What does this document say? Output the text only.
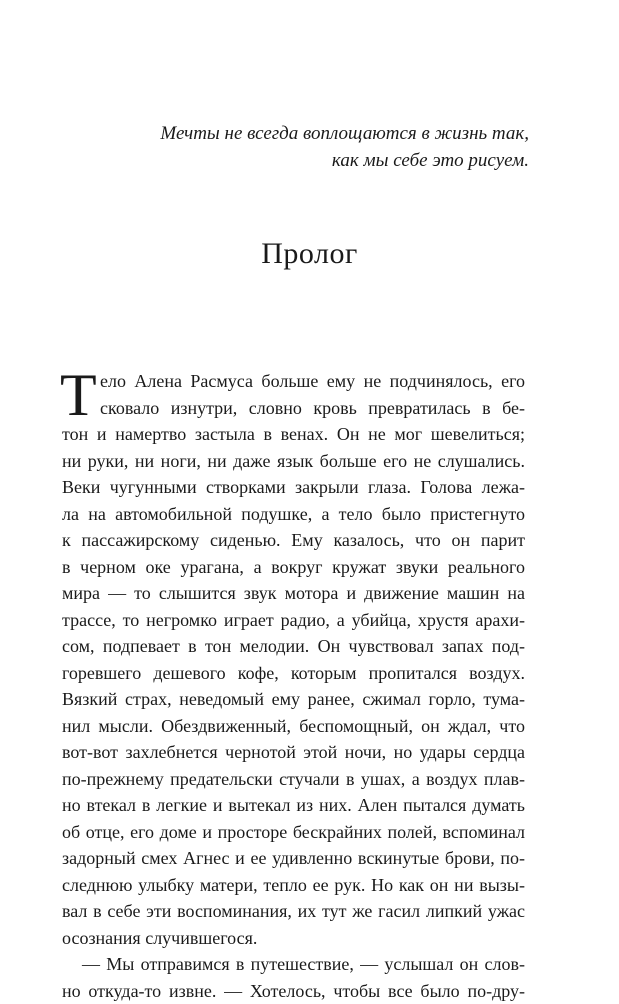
Мечты не всегда воплощаются в жизнь так,
как мы себе это рисуем.
Пролог
Т ело Алена Расмуса больше ему не подчинялось, его
сковало изнутри, словно кровь превратилась в бе-
тон и намертво застыла в венах. Он не мог шевелиться;
ни руки, ни ноги, ни даже язык больше его не слушались.
Веки чугунными створками закрыли глаза. Голова лежа-
ла на автомобильной подушке, а тело было пристегнуто
к пассажирскому сиденью. Ему казалось, что он парит
в черном оке урагана, а вокруг кружат звуки реального
мира — то слышится звук мотора и движение машин на
трассе, то негромко играет радио, а убийца, хрустя арахи-
сом, подпевает в тон мелодии. Он чувствовал запах под-
горевшего дешевого кофе, которым пропитался воздух.
Вязкий страх, неведомый ему ранее, сжимал горло, тума-
нил мысли. Обездвиженный, беспомощный, он ждал, что
вот-вот захлебнется чернотой этой ночи, но удары сердца
по-прежнему предательски стучали в ушах, а воздух плав-
но втекал в легкие и вытекал из них. Ален пытался думать
об отце, его доме и просторе бескрайних полей, вспоминал
задорный смех Агнес и ее удивленно вскинутые брови, по-
следнюю улыбку матери, тепло ее рук. Но как он ни вызы-
вал в себе эти воспоминания, их тут же гасил липкий ужас
осознания случившегося.
— Мы отправимся в путешествие, — услышал он слов-
но откуда-то извне. — Хотелось, чтобы все было по-дру-
